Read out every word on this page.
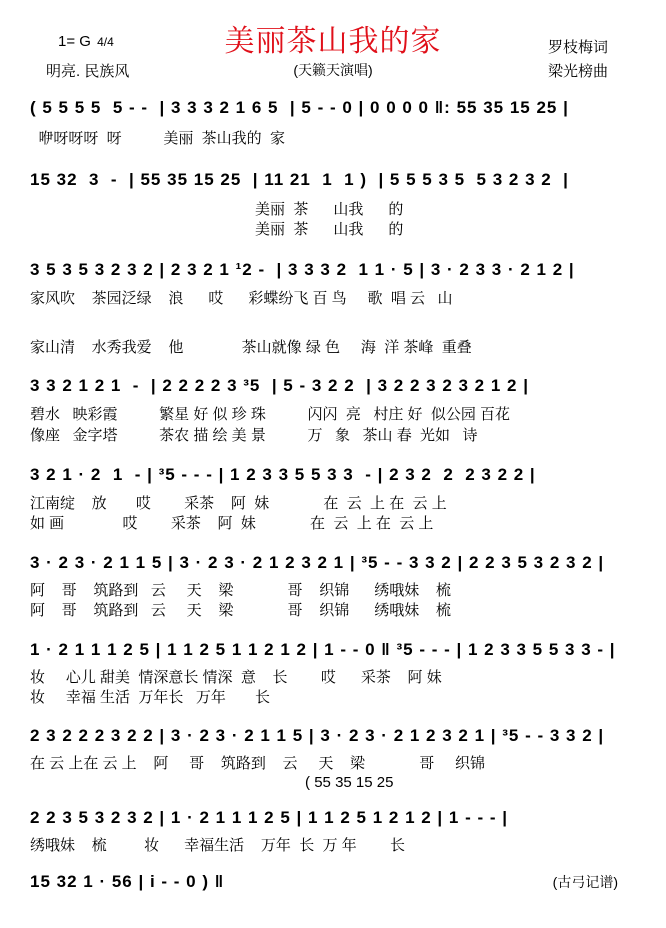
1= G 4/4	美丽茶山我的家	罗枝梅词
明亮. 民族风	(天籁天演唱)	梁光榜曲
( 5 5 5 5  5 - -  | 3 3 3 2 1 6 5  | 5 - - 0 | 0 0 0 0 ‖: 55 35 15 25 |
咿呀呀呀  呀          美丽  茶山我的  家
15 32  3  -  | 55 35 15 25  | 11 21  1  1 )  | 5 5 5 3 5  5 3 2 3 2  |
美丽  茶      山我      的
美丽  茶      山我      的
3 5 3 5 3 2 3 2 | 2 3 2 1 ¹2 -  | 3 3 3 2  1 1 · 5 | 3 · 2 3 3 · 2 1 2 |
家风吹    茶园泛绿    浪      哎      彩蝶纷飞 百 鸟     歌  唱 云   山
家山清    水秀我爱    他              茶山就像 绿 色     海  洋 茶峰  重叠
3 3 2 1 2 1  -  | 2 2 2 2 3 ³5  | 5 - 3 2 2  | 3 2 2 3 2 3 2 1 2 |
碧水   映彩霞          繁星 好 似 珍 珠          闪闪  亮   村庄 好  似公园 百花
像座   金字塔          茶农 描 绘 美 景          万   象   茶山 春  光如   诗
3 2 1 · 2  1  - | ³5 - - - | 1 2 3 3 5 5 3 3  - | 2 3 2  2  2 3 2 2 |
江南绽    放       哎        采茶    阿  妹             在  云  上 在  云 上
如 画              哎        采茶    阿  妹             在  云  上 在  云 上
3 · 2 3 · 2 1 1 5 | 3 · 2 3 · 2 1 2 3 2 1 | ³5 - - 3 3 2 | 2 2 3 5 3 2 3 2 |
阿    哥    筑路到   云     天    梁             哥    织锦      绣哦妹    梳
阿    哥    筑路到   云     天    梁             哥    织锦      绣哦妹    梳
1 · 2 1 1 1 2 5 | 1 1 2 5 1 1 2 1 2 | 1 - - 0 ‖ ³5 - - - | 1 2 3 3 5 5 3 3 - |
妆     心儿 甜美  情深意长 情深  意    长        哎      采茶    阿 妹
妆     幸福 生活  万年长   万年       长
2 3 2 2 2 3 2 2 | 3 · 2 3 · 2 1 1 5 | 3 · 2 3 · 2 1 2 3 2 1 | ³5 - - 3 3 2 |
在 云 上在 云 上    阿     哥    筑路到    云     天    梁             哥     织锦
( 55 35 15 25
2 2 3 5 3 2 3 2 | 1 · 2 1 1 1 2 5 | 1 1 2 5 1 2 1 2 | 1 - - - |
绣哦妹    梳         妆      幸福生活    万年  长  万 年        长
15 32 1 · 56 | i - - 0 ) ‖	(古弓记谱)
